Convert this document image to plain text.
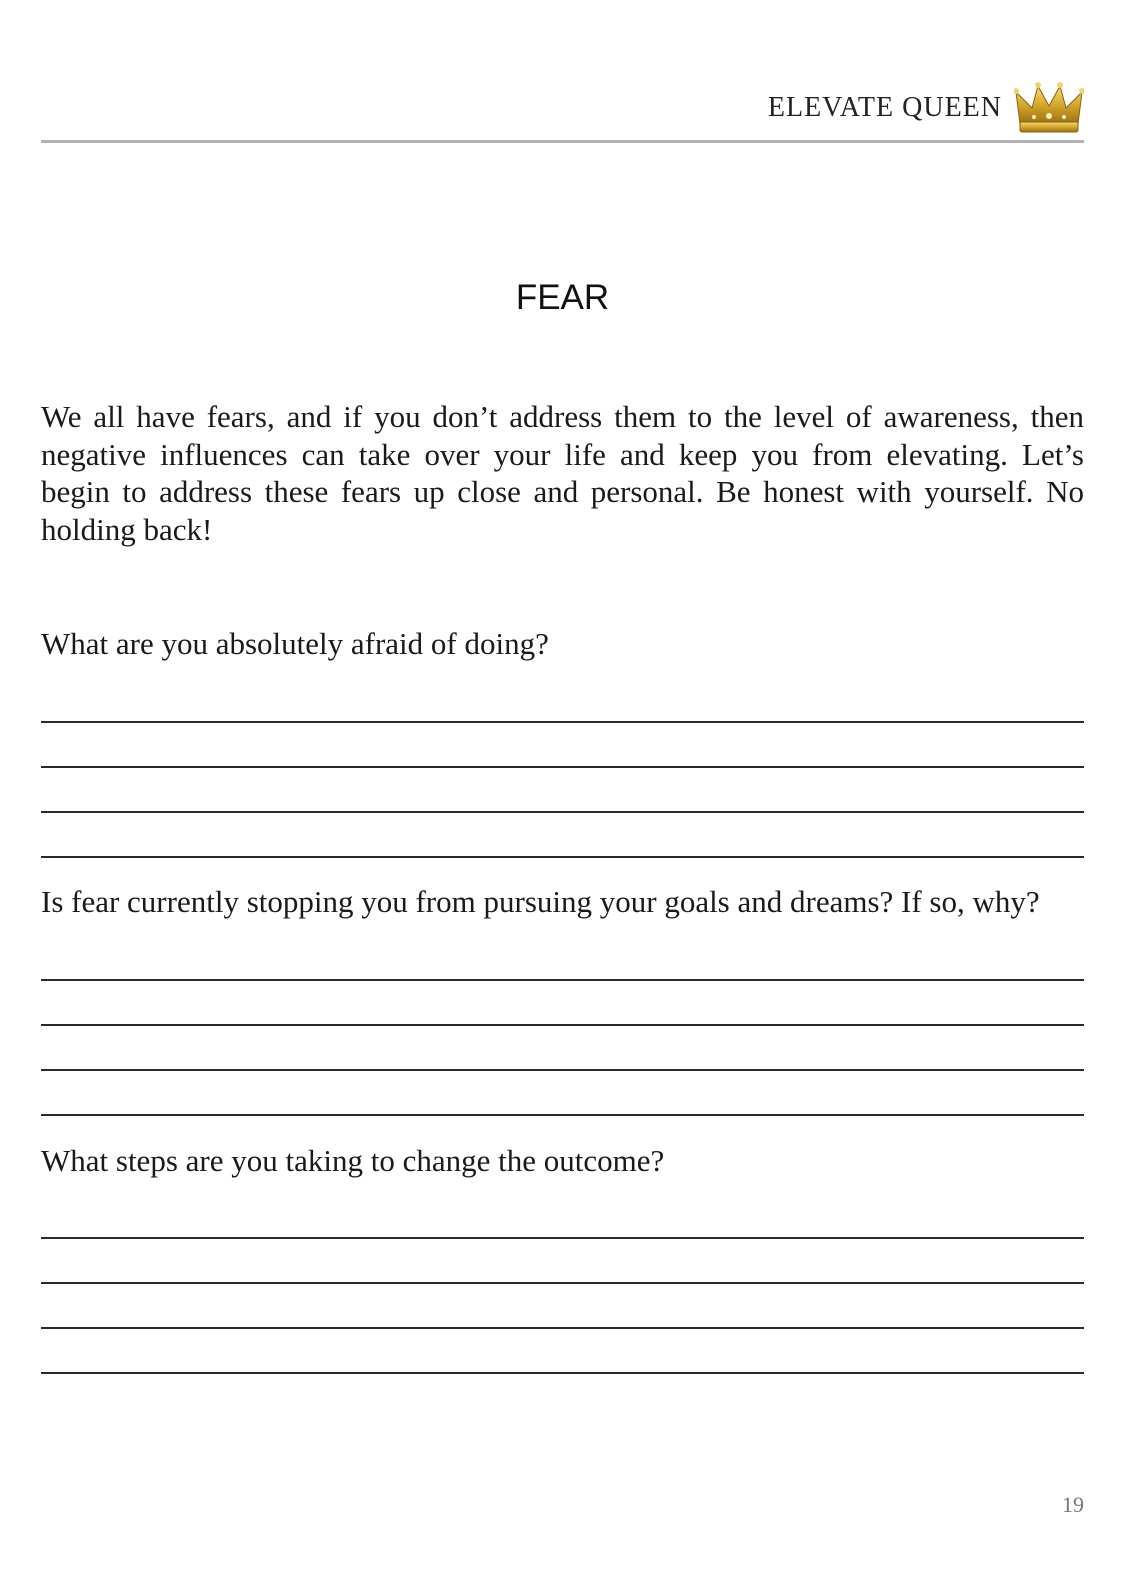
ELEVATE QUEEN
FEAR

We all have fears, and if you don’t address them to the level of awareness, then negative influences can take over your life and keep you from elevating. Let’s begin to address these fears up close and personal. Be honest with yourself. No holding back!

What are you absolutely afraid of doing?

Is fear currently stopping you from pursuing your goals and dreams? If so, why?

What steps are you taking to change the outcome?

19
